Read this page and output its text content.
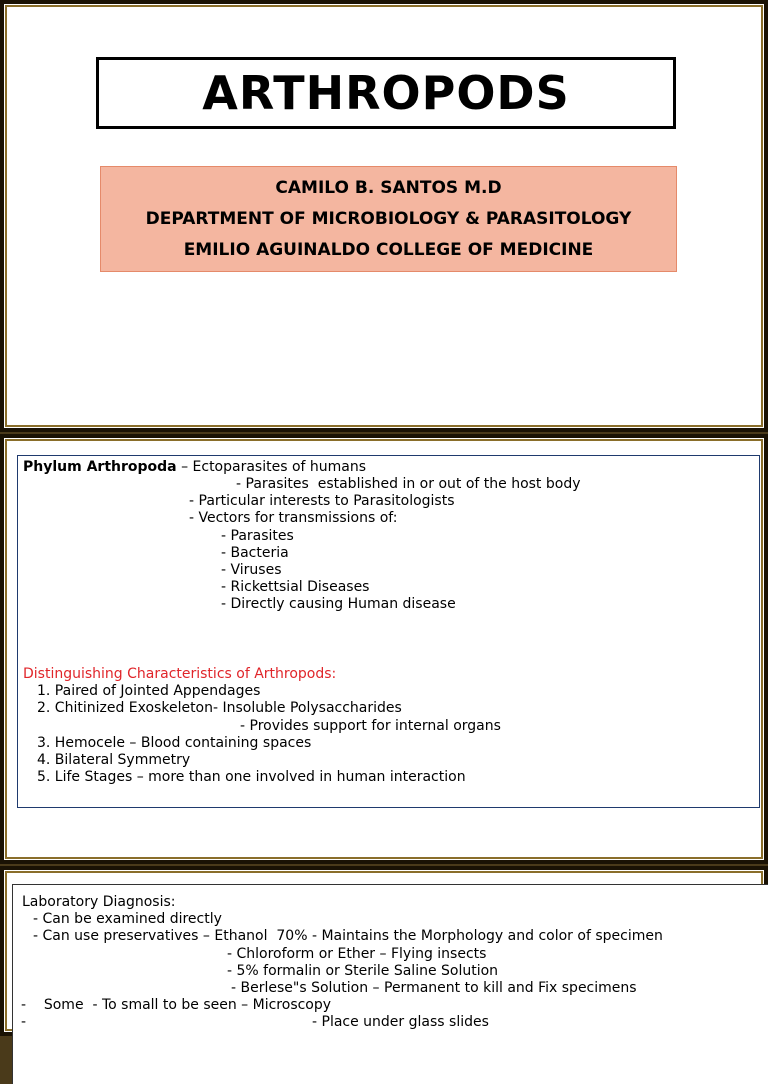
ARTHROPODS
CAMILO B. SANTOS M.D
DEPARTMENT OF MICROBIOLOGY & PARASITOLOGY
EMILIO AGUINALDO COLLEGE OF MEDICINE
Phylum Arthropoda – Ectoparasites of humans
- Parasites  established in or out of the host body
- Particular interests to Parasitologists
- Vectors for transmissions of:
- Parasites
- Bacteria
- Viruses
- Rickettsial Diseases
- Directly causing Human disease
Distinguishing Characteristics of Arthropods:
1. Paired of Jointed Appendages
2. Chitinized Exoskeleton- Insoluble Polysaccharides
- Provides support for internal organs
3. Hemocele – Blood containing spaces
4. Bilateral Symmetry
5. Life Stages – more than one involved in human interaction
Laboratory Diagnosis:
- Can be examined directly
- Can use preservatives – Ethanol  70% - Maintains the Morphology and color of specimen
- Chloroform or Ether – Flying insects
- 5% formalin or Sterile Saline Solution
- Berlese"s Solution – Permanent to kill and Fix specimens
-    Some  - To small to be seen – Microscopy
-	- Place under glass slides
